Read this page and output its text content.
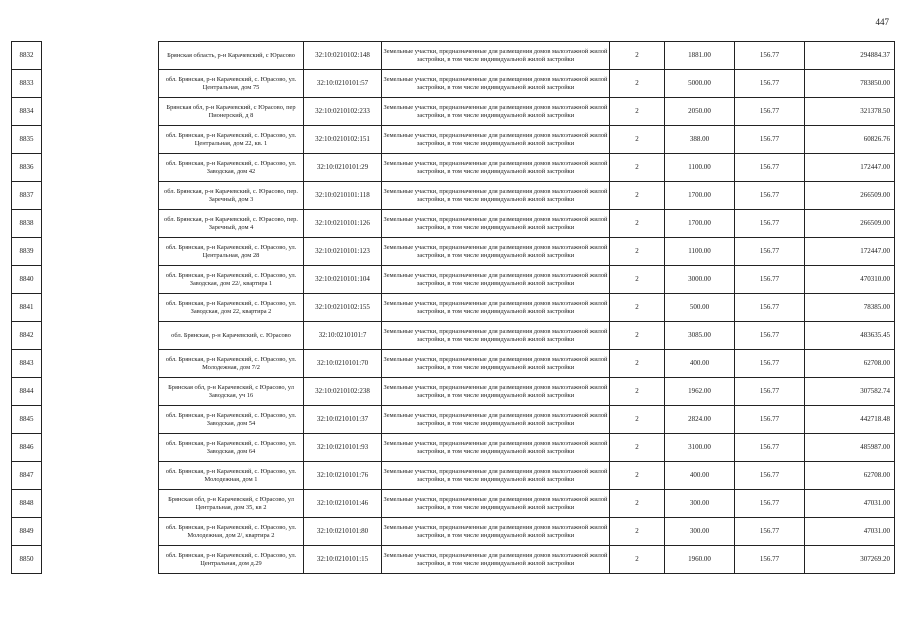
447
8832		Брянская область, р-н Карачевский, с Юрасово	32:10:0210102:148	Земельные участки, предназначенные для размещения домов малоэтажной жилой застройки, в том числе индивидуальной жилой застройки	2	1881.00	156.77	294884.37
8833		обл. Брянская, р-н Карачевский, с. Юрасово, ул. Центральная, дом 75	32:10:0210101:57	Земельные участки, предназначенные для размещения домов малоэтажной жилой застройки, в том числе индивидуальной жилой застройки	2	5000.00	156.77	783850.00
8834		Брянская обл, р-н Карачевский, с Юрасово, пер Пионерский, д 8	32:10:0210102:233	Земельные участки, предназначенные для размещения домов малоэтажной жилой застройки, в том числе индивидуальной жилой застройки	2	2050.00	156.77	321378.50
8835		обл. Брянская, р-н Карачевский, с. Юрасово, ул. Центральная, дом 22, кв. 1	32:10:0210102:151	Земельные участки, предназначенные для размещения домов малоэтажной жилой застройки, в том числе индивидуальной жилой застройки	2	388.00	156.77	60826.76
8836		обл. Брянская, р-н Карачевский, с. Юрасово, ул. Заводская, дом 42	32:10:0210101:29	Земельные участки, предназначенные для размещения домов малоэтажной жилой застройки, в том числе индивидуальной жилой застройки	2	1100.00	156.77	172447.00
8837		обл. Брянская, р-н Карачевский, с. Юрасово, пер. Заречный, дом 3	32:10:0210101:118	Земельные участки, предназначенные для размещения домов малоэтажной жилой застройки, в том числе индивидуальной жилой застройки	2	1700.00	156.77	266509.00
8838		обл. Брянская, р-н Карачевский, с. Юрасово, пер. Заречный, дом 4	32:10:0210101:126	Земельные участки, предназначенные для размещения домов малоэтажной жилой застройки, в том числе индивидуальной жилой застройки	2	1700.00	156.77	266509.00
8839		обл. Брянская, р-н Карачевский, с. Юрасово, ул. Центральная, дом 28	32:10:0210101:123	Земельные участки, предназначенные для размещения домов малоэтажной жилой застройки, в том числе индивидуальной жилой застройки	2	1100.00	156.77	172447.00
8840		обл. Брянская, р-н Карачевский, с. Юрасово, ул. Заводская, дом 22/, квартира 1	32:10:0210101:104	Земельные участки, предназначенные для размещения домов малоэтажной жилой застройки, в том числе индивидуальной жилой застройки	2	3000.00	156.77	470310.00
8841		обл. Брянская, р-н Карачевский, с. Юрасово, ул. Заводская, дом 22, квартира 2	32:10:0210102:155	Земельные участки, предназначенные для размещения домов малоэтажной жилой застройки, в том числе индивидуальной жилой застройки	2	500.00	156.77	78385.00
8842		обл. Брянская, р-н Карачевский, с. Юрасово	32:10:0210101:7	Земельные участки, предназначенные для размещения домов малоэтажной жилой застройки, в том числе индивидуальной жилой застройки	2	3085.00	156.77	483635.45
8843		обл. Брянская, р-н Карачевский, с. Юрасово, ул. Молодежная, дом 7/2	32:10:0210101:70	Земельные участки, предназначенные для размещения домов малоэтажной жилой застройки, в том числе индивидуальной жилой застройки	2	400.00	156.77	62708.00
8844		Брянская обл, р-н Карачевский, с Юрасово, ул Заводская, уч 16	32:10:0210102:238	Земельные участки, предназначенные для размещения домов малоэтажной жилой застройки, в том числе индивидуальной жилой застройки	2	1962.00	156.77	307582.74
8845		обл. Брянская, р-н Карачевский, с. Юрасово, ул. Заводская, дом 54	32:10:0210101:37	Земельные участки, предназначенные для размещения домов малоэтажной жилой застройки, в том числе индивидуальной жилой застройки	2	2824.00	156.77	442718.48
8846		обл. Брянская, р-н Карачевский, с. Юрасово, ул. Заводская, дом 64	32:10:0210101:93	Земельные участки, предназначенные для размещения домов малоэтажной жилой застройки, в том числе индивидуальной жилой застройки	2	3100.00	156.77	485987.00
8847		обл. Брянская, р-н Карачевский, с. Юрасово, ул. Молодежная, дом 1	32:10:0210101:76	Земельные участки, предназначенные для размещения домов малоэтажной жилой застройки, в том числе индивидуальной жилой застройки	2	400.00	156.77	62708.00
8848		Брянская обл, р-н Карачевский, с Юрасово, ул Центральная, дом 35, кв 2	32:10:0210101:46	Земельные участки, предназначенные для размещения домов малоэтажной жилой застройки, в том числе индивидуальной жилой застройки	2	300.00	156.77	47031.00
8849		обл. Брянская, р-н Карачевский, с. Юрасово, ул. Молодежная, дом 2/, квартира 2	32:10:0210101:80	Земельные участки, предназначенные для размещения домов малоэтажной жилой застройки, в том числе индивидуальной жилой застройки	2	300.00	156.77	47031.00
8850		обл. Брянская, р-н Карачевский, с. Юрасово, ул. Центральная, дом д.29	32:10:0210101:15	Земельные участки, предназначенные для размещения домов малоэтажной жилой застройки, в том числе индивидуальной жилой застройки	2	1960.00	156.77	307269.20
